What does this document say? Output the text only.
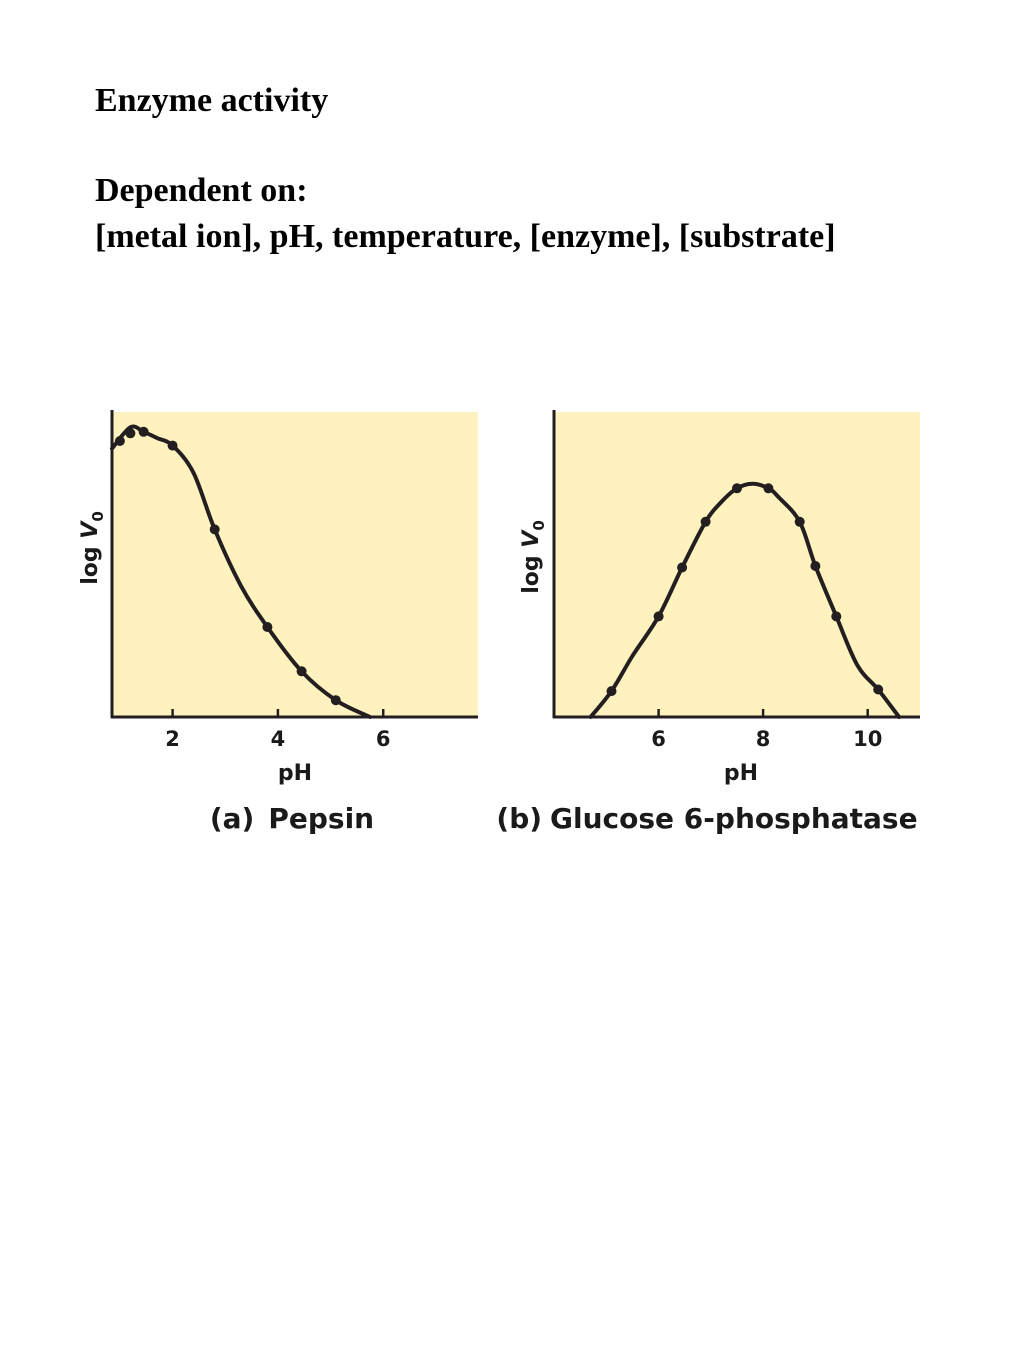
Enzyme activity
Dependent on:
[metal ion], pH, temperature, [enzyme], [substrate]
2	4	6
pH
$\log V_0$
(a) Pepsin
6	8	10
pH
$\log V_0$
(b) Glucose 6-phosphatase
